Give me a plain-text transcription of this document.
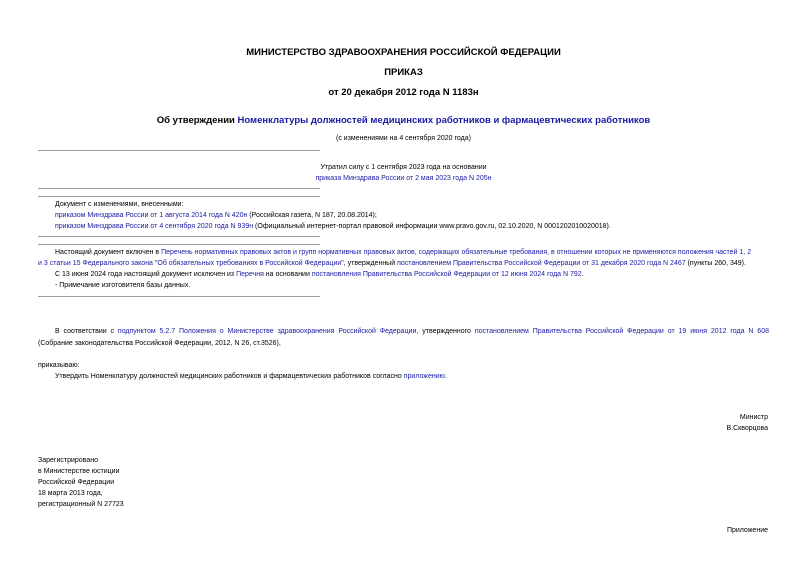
МИНИСТЕРСТВО ЗДРАВООХРАНЕНИЯ РОССИЙСКОЙ ФЕДЕРАЦИИ
ПРИКАЗ
от 20 декабря 2012 года N 1183н
Об утверждении Номенклатуры должностей медицинских работников и фармацевтических работников
(с изменениями на 4 сентября 2020 года)
Утратил силу с 1 сентября 2023 года на основании
приказа Минздрава России от 2 мая 2023 года N 205н
Документ с изменениями, внесенными:
приказом Минздрава России от 1 августа 2014 года N 420н (Российская газета, N 187, 20.08.2014);
приказом Минздрава России от 4 сентября 2020 года N 939н (Официальный интернет-портал правовой информации www.pravo.gov.ru, 02.10.2020, N 0001202010020018).
Настоящий документ включен в Перечень нормативных правовых актов и групп нормативных правовых актов, содержащих обязательные требования, в отношении которых не применяются положения частей 1, 2
и 3 статьи 15 Федерального закона "Об обязательных требованиях в Российской Федерации", утвержденный постановлением Правительства Российской Федерации от 31 декабря 2020 года N 2467 (пункты 260, 349).
С 13 июня 2024 года настоящий документ исключен из Перечня на основании постановления Правительства Российской Федерации от 12 июня 2024 года N 792.
- Примечание изготовителя базы данных.
В соответствии с подпунктом 5.2.7 Положения о Министерстве здравоохранения Российской Федерации, утвержденного постановлением Правительства Российской Федерации от 19 июня 2012 года N 608
(Собрание законодательства Российской Федерации, 2012, N 26, ст.3526),
приказываю:
Утвердить Номенклатуру должностей медицинских работников и фармацевтических работников согласно приложению.
Министр
В.Скворцова
Зарегистрировано
в Министерстве юстиции
Российской Федерации
18 марта 2013 года,
регистрационный N 27723
Приложение
